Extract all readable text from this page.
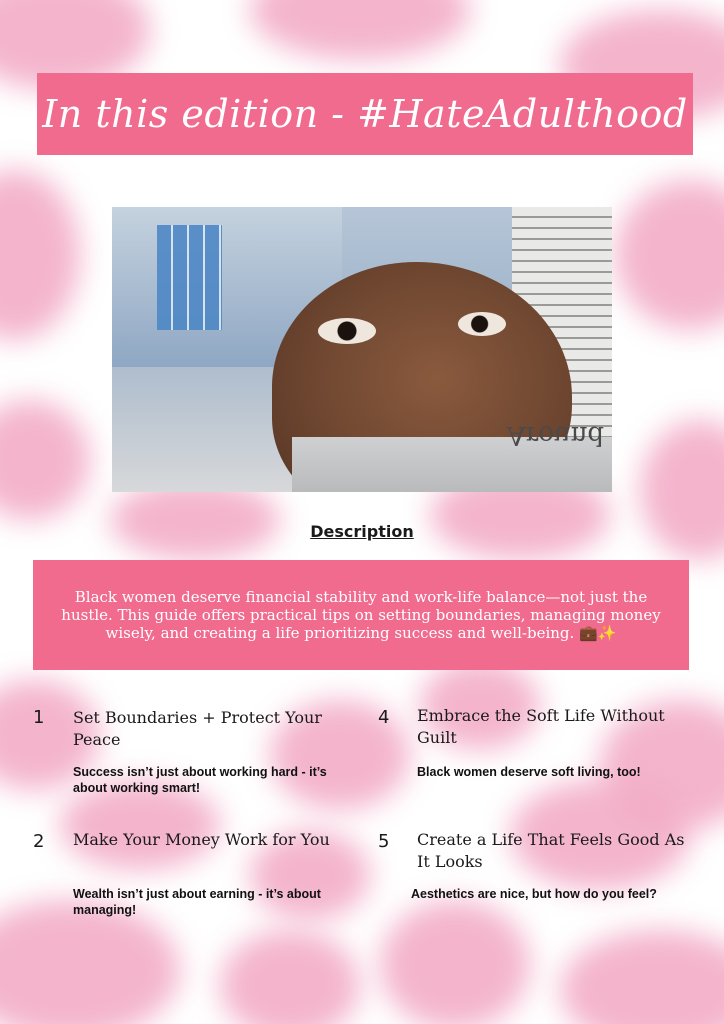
In this edition - #HateAdulthood
Around
Description
Black women deserve financial stability and work-life balance—not just the hustle. This guide offers practical tips on setting boundaries, managing money wisely, and creating a life prioritizing success and well-being. 💼✨
1 Set Boundaries + Protect Your Peace
Success isn’t just about working hard - it’s about working smart!
4 Embrace the Soft Life Without Guilt
Black women deserve soft living, too!
2 Make Your Money Work for You
Wealth isn’t just about earning - it’s about managing!
5 Create a Life That Feels Good As It Looks
Aesthetics are nice, but how do you feel?
